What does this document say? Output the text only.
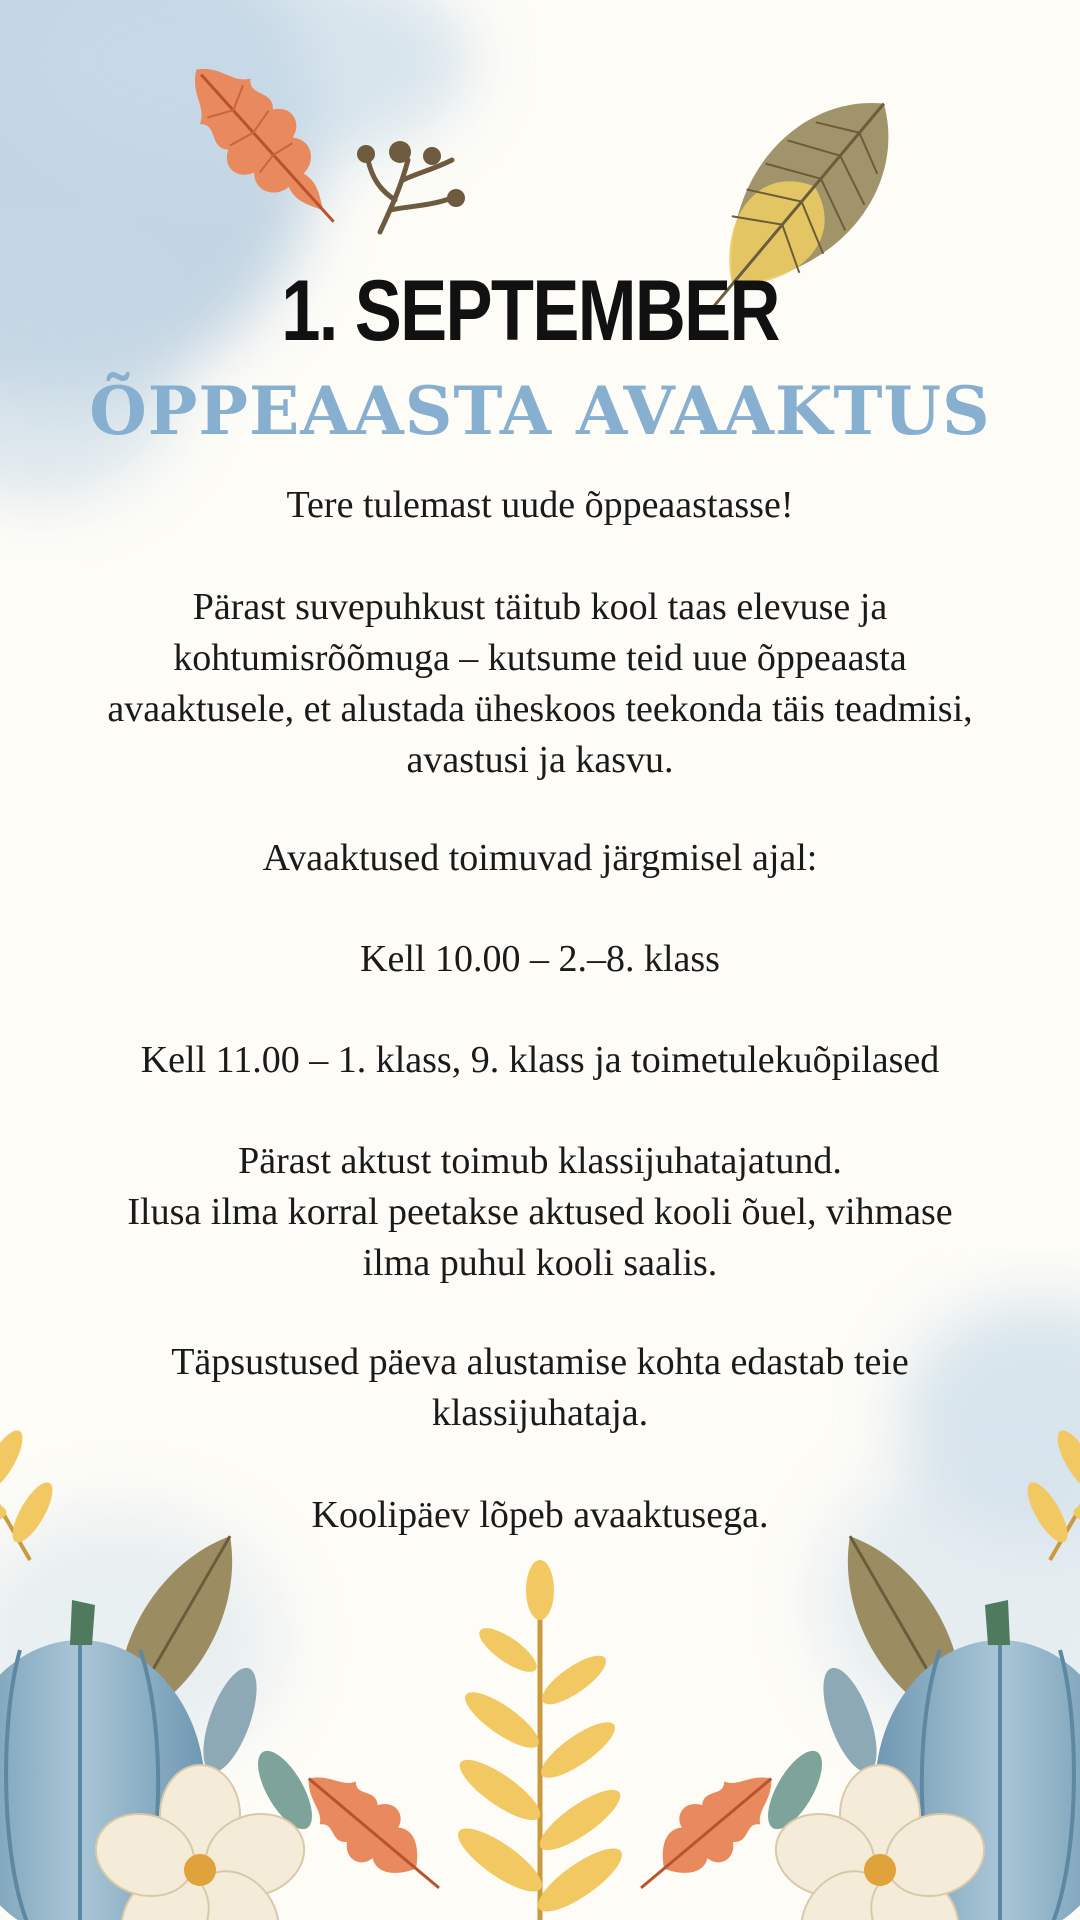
1. SEPTEMBER
ÕPPEAASTA AVAAKTUS
Tere tulemast uude õppeaastasse!
Pärast suvepuhkust täitub kool taas elevuse ja
kohtumisrõõmuga – kutsume teid uue õppeaasta
avaaktusele, et alustada üheskoos teekonda täis teadmisi,
avastusi ja kasvu.
Avaaktused toimuvad järgmisel ajal:
Kell 10.00 – 2.–8. klass
Kell 11.00 – 1. klass, 9. klass ja toimetulekuõpilased
Pärast aktust toimub klassijuhatajatund.
Ilusa ilma korral peetakse aktused kooli õuel, vihmase
ilma puhul kooli saalis.
Täpsustused päeva alustamise kohta edastab teie
klassijuhataja.
Koolipäev lõpeb avaaktusega.
